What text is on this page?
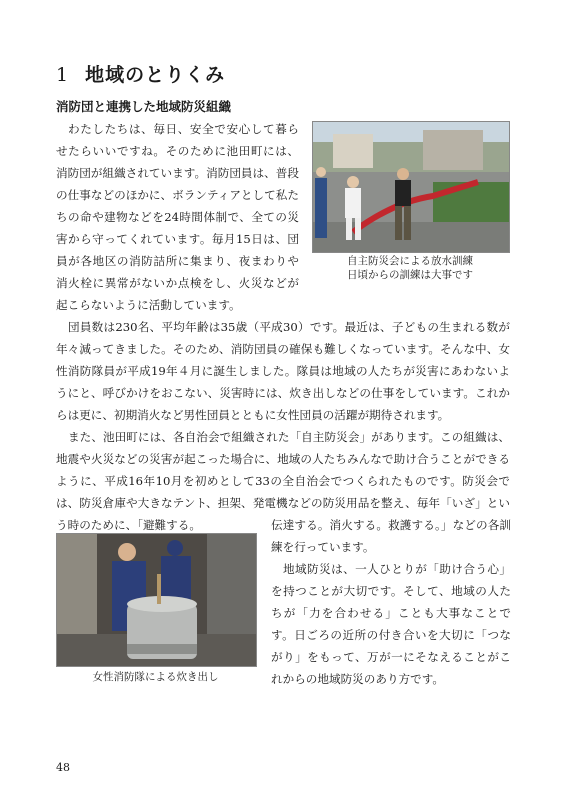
1 地域のとりくみ
消防団と連携した地域防災組織
わたしたちは、毎日、安全で安心して暮らせたらいいですね。そのために池田町には、消防団が組織されています。消防団員は、普段の仕事などのほかに、ボランティアとして私たちの命や建物などを24時間体制で、全ての災害から守ってくれています。毎月15日は、団員が各地区の消防詰所に集まり、夜まわりや消火栓に異常がないか点検をし、火災などが起こらないように活動しています。
自主防災会による放水訓練
日頃からの訓練は大事です
団員数は230名、平均年齢は35歳（平成30）です。最近は、子どもの生まれる数が年々減ってきました。そのため、消防団員の確保も難しくなっています。そんな中、女性消防隊員が平成19年４月に誕生しました。隊員は地域の人たちが災害にあわないようにと、呼びかけをおこない、災害時には、炊き出しなどの仕事をしています。これからは更に、初期消火など男性団員とともに女性団員の活躍が期待されます。
また、池田町には、各自治会で組織された「自主防災会」があります。この組織は、地震や火災などの災害が起こった場合に、地域の人たちみんなで助け合うことができるように、平成16年10月を初めとして33の全自治会でつくられたものです。防災会では、防災倉庫や大きなテント、担架、発電機などの防災用品を整え、毎年「いざ」という時のために、「避難する。
女性消防隊による炊き出し
伝達する。消火する。救護する。」などの各訓練を行っています。
地域防災は、一人ひとりが「助け合う心」を持つことが大切です。そして、地域の人たちが「力を合わせる」ことも大事なことです。日ごろの近所の付き合いを大切に「つながり」をもって、万が一にそなえることがこれからの地域防災のあり方です。
48
